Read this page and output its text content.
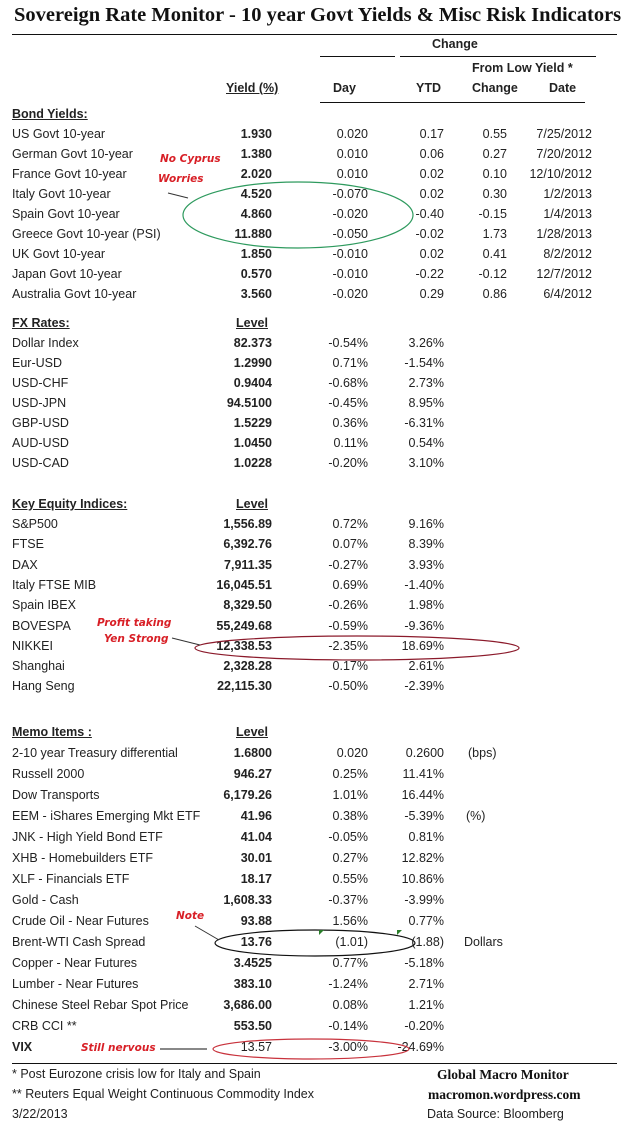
Sovereign Rate Monitor - 10 year Govt Yields & Misc Risk Indicators
Change
From Low Yield *
Yield (%)	Day	YTD Change Date
Bond Yields:
US Govt 10-year	1.930	0.020	0.17	0.55 7/25/2012
German Govt 10-year	1.380	0.010	0.06	0.27 7/20/2012
France Govt 10-year	2.020	0.010	0.02	0.10 12/10/2012
Italy Govt 10-year	4.520	-0.070	0.02	0.30	1/2/2013
Spain Govt 10-year	4.860	-0.020	-0.40	-0.15	1/4/2013
Greece Govt 10-year (PSI)	11.880	-0.050	-0.02	1.73 1/28/2013
UK Govt 10-year	1.850	-0.010	0.02	0.41	8/2/2012
Japan Govt 10-year	0.570	-0.010	-0.22	-0.12 12/7/2012
Australia Govt 10-year	3.560	-0.020	0.29	0.86	6/4/2012
FX Rates:	Level
Dollar Index	82.373	-0.54%	3.26%
Eur-USD	1.2990	0.71%	-1.54%
USD-CHF	0.9404	-0.68%	2.73%
USD-JPN	94.5100	-0.45%	8.95%
GBP-USD	1.5229	0.36%	-6.31%
AUD-USD	1.0450	0.11%	0.54%
USD-CAD	1.0228	-0.20%	3.10%
Key Equity Indices:	Level
S&P500	1,556.89	0.72%	9.16%
FTSE	6,392.76	0.07%	8.39%
DAX	7,911.35	-0.27%	3.93%
Italy FTSE MIB	16,045.51	0.69%	-1.40%
Spain IBEX	8,329.50	-0.26%	1.98%
BOVESPA	55,249.68	-0.59%	-9.36%
NIKKEI	12,338.53	-2.35%	18.69%
Shanghai	2,328.28	0.17%	2.61%
Hang Seng	22,115.30	-0.50%	-2.39%
Memo Items :	Level
2-10 year Treasury differential	1.6800	0.020	0.2600 (bps)
Russell 2000	946.27	0.25%	11.41%
Dow Transports	6,179.26	1.01%	16.44%
EEM - iShares Emerging Mkt ETF	41.96	0.38%	-5.39% (%)
JNK - High Yield Bond ETF	41.04	-0.05%	0.81%
XHB - Homebuilders ETF	30.01	0.27%	12.82%
XLF - Financials ETF	18.17	0.55%	10.86%
Gold - Cash	1,608.33	-0.37%	-3.99%
Crude Oil - Near Futures	93.88	1.56%	0.77%
Brent-WTI Cash Spread	13.76	(1.01)	(1.88) Dollars
Copper - Near Futures	3.4525	0.77%	-5.18%
Lumber - Near Futures	383.10	-1.24%	2.71%
Chinese Steel Rebar Spot Price	3,686.00	0.08%	1.21%
CRB CCI **	553.50	-0.14%	-0.20%
VIX	13.57	-3.00% -24.69%
No Cyprus
Worries
Profit taking
Yen Strong
Note
Still nervous
* Post Eurozone crisis low for Italy and Spain
** Reuters Equal Weight Continuous Commodity Index
3/22/2013
Global Macro Monitor
macromon.wordpress.com
Data Source: Bloomberg
